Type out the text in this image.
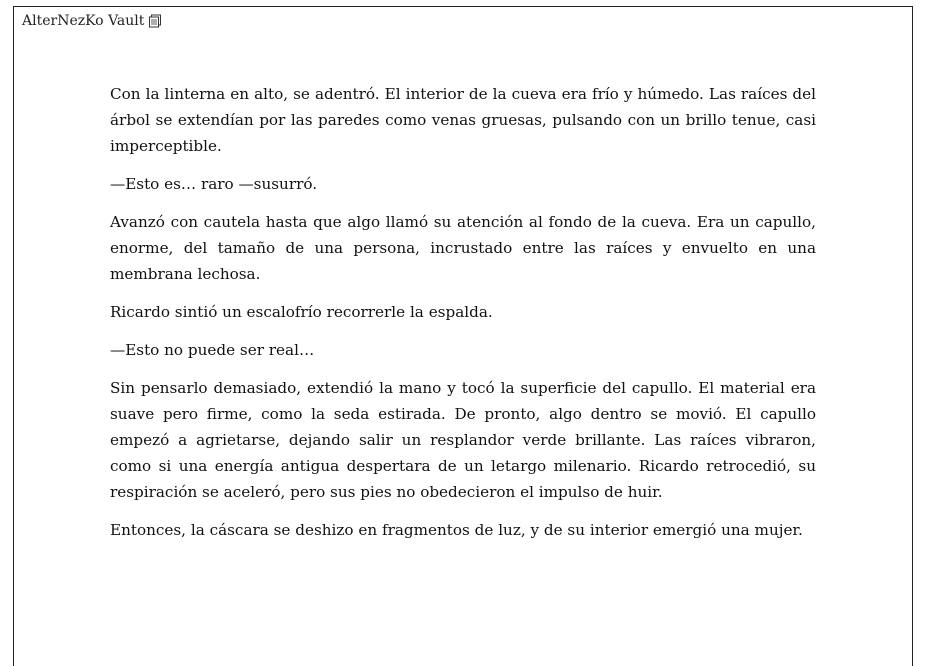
AlterNezKo Vault

Con la linterna en alto, se adentró. El interior de la cueva era frío y húmedo. Las raíces del árbol se extendían por las paredes como venas gruesas, pulsando con un brillo tenue, casi imperceptible.

—Esto es… raro —susurró.

Avanzó con cautela hasta que algo llamó su atención al fondo de la cueva. Era un capullo, enorme, del tamaño de una persona, incrustado entre las raíces y envuelto en una membrana lechosa.

Ricardo sintió un escalofrío recorrerle la espalda.

—Esto no puede ser real…

Sin pensarlo demasiado, extendió la mano y tocó la superficie del capullo. El material era suave pero firme, como la seda estirada. De pronto, algo dentro se movió. El capullo empezó a agrietarse, dejando salir un resplandor verde brillante. Las raíces vibraron, como si una energía antigua despertara de un letargo milenario. Ricardo retrocedió, su respiración se aceleró, pero sus pies no obedecieron el impulso de huir.

Entonces, la cáscara se deshizo en fragmentos de luz, y de su interior emergió una mujer.
